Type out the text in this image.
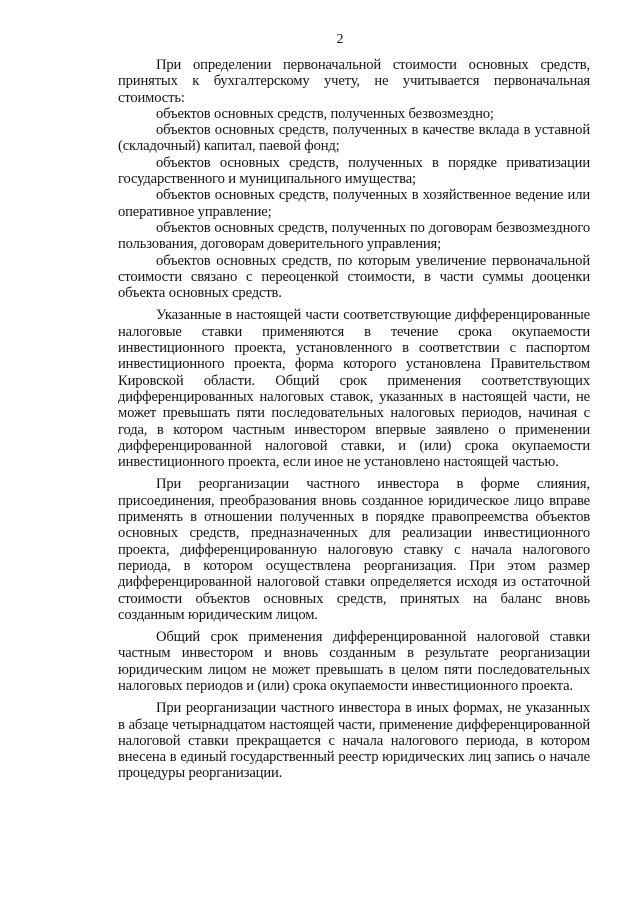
2

При определении первоначальной стоимости основных средств, принятых к бухгалтерскому учету, не учитывается первоначальная стоимость:

объектов основных средств, полученных безвозмездно;

объектов основных средств, полученных в качестве вклада в уставной (складочный) капитал, паевой фонд;

объектов основных средств, полученных в порядке приватизации государственного и муниципального имущества;

объектов основных средств, полученных в хозяйственное ведение или оперативное управление;

объектов основных средств, полученных по договорам безвозмездного пользования, договорам доверительного управления;

объектов основных средств, по которым увеличение первоначальной стоимости связано с переоценкой стоимости, в части суммы дооценки объекта основных средств.

Указанные в настоящей части соответствующие дифференцированные налоговые ставки применяются в течение срока окупаемости инвестиционного проекта, установленного в соответствии с паспортом инвестиционного проекта, форма которого установлена Правительством Кировской области. Общий срок применения соответствующих дифференцированных налоговых ставок, указанных в настоящей части, не может превышать пяти последовательных налоговых периодов, начиная с года, в котором частным инвестором впервые заявлено о применении дифференцированной налоговой ставки, и (или) срока окупаемости инвестиционного проекта, если иное не установлено настоящей частью.

При реорганизации частного инвестора в форме слияния, присоединения, преобразования вновь созданное юридическое лицо вправе применять в отношении полученных в порядке правопреемства объектов основных средств, предназначенных для реализации инвестиционного проекта, дифференцированную налоговую ставку с начала налогового периода, в котором осуществлена реорганизация. При этом размер дифференцированной налоговой ставки определяется исходя из остаточной стоимости объектов основных средств, принятых на баланс вновь созданным юридическим лицом.

Общий срок применения дифференцированной налоговой ставки частным инвестором и вновь созданным в результате реорганизации юридическим лицом не может превышать в целом пяти последовательных налоговых периодов и (или) срока окупаемости инвестиционного проекта.

При реорганизации частного инвестора в иных формах, не указанных в абзаце четырнадцатом настоящей части, применение дифференцированной налоговой ставки прекращается с начала налогового периода, в котором внесена в единый государственный реестр юридических лиц запись о начале процедуры реорганизации.
